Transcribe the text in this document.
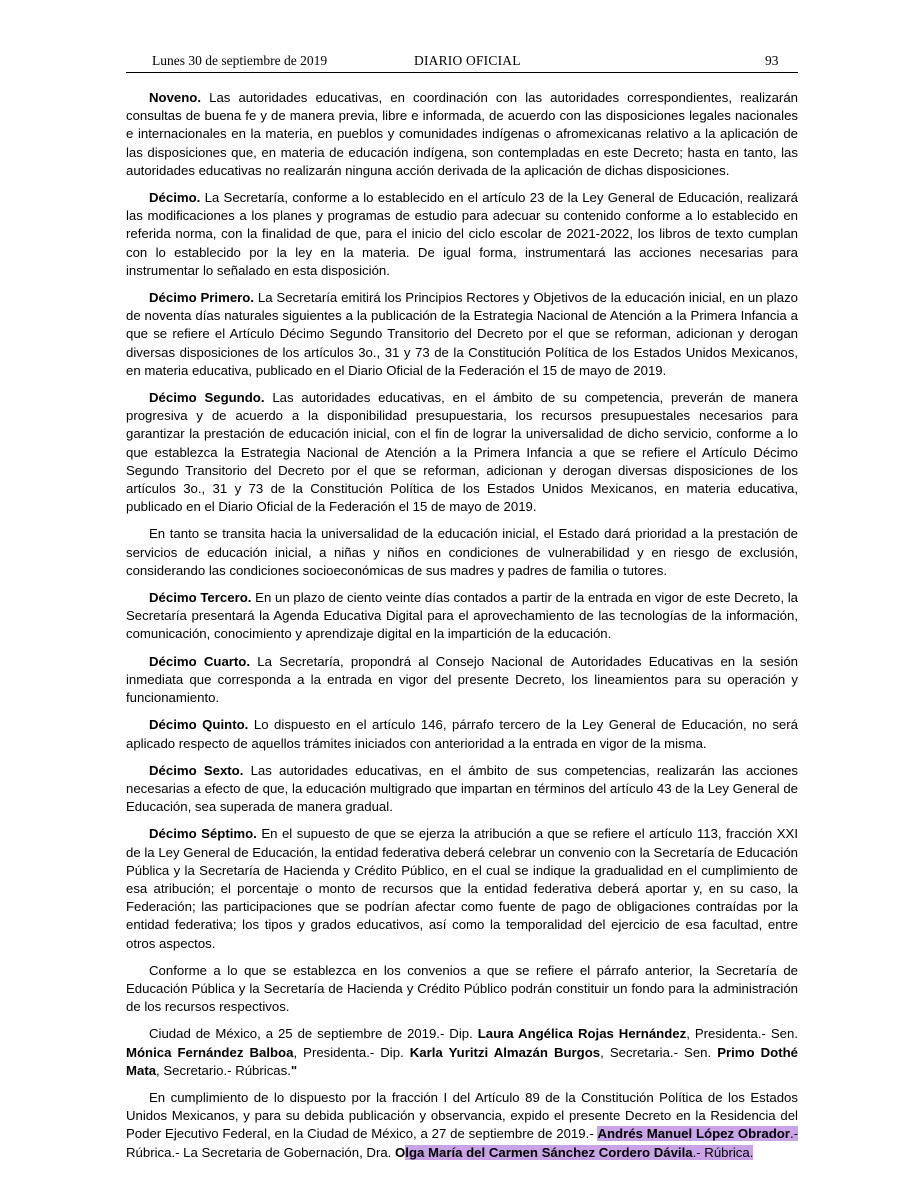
Lunes 30 de septiembre de 2019	DIARIO OFICIAL	93

Noveno. Las autoridades educativas, en coordinación con las autoridades correspondientes, realizarán consultas de buena fe y de manera previa, libre e informada, de acuerdo con las disposiciones legales nacionales e internacionales en la materia, en pueblos y comunidades indígenas o afromexicanas relativo a la aplicación de las disposiciones que, en materia de educación indígena, son contempladas en este Decreto; hasta en tanto, las autoridades educativas no realizarán ninguna acción derivada de la aplicación de dichas disposiciones.

Décimo. La Secretaría, conforme a lo establecido en el artículo 23 de la Ley General de Educación, realizará las modificaciones a los planes y programas de estudio para adecuar su contenido conforme a lo establecido en referida norma, con la finalidad de que, para el inicio del ciclo escolar de 2021-2022, los libros de texto cumplan con lo establecido por la ley en la materia. De igual forma, instrumentará las acciones necesarias para instrumentar lo señalado en esta disposición.

Décimo Primero. La Secretaría emitirá los Principios Rectores y Objetivos de la educación inicial, en un plazo de noventa días naturales siguientes a la publicación de la Estrategia Nacional de Atención a la Primera Infancia a que se refiere el Artículo Décimo Segundo Transitorio del Decreto por el que se reforman, adicionan y derogan diversas disposiciones de los artículos 3o., 31 y 73 de la Constitución Política de los Estados Unidos Mexicanos, en materia educativa, publicado en el Diario Oficial de la Federación el 15 de mayo de 2019.

Décimo Segundo. Las autoridades educativas, en el ámbito de su competencia, preverán de manera progresiva y de acuerdo a la disponibilidad presupuestaria, los recursos presupuestales necesarios para garantizar la prestación de educación inicial, con el fin de lograr la universalidad de dicho servicio, conforme a lo que establezca la Estrategia Nacional de Atención a la Primera Infancia a que se refiere el Artículo Décimo Segundo Transitorio del Decreto por el que se reforman, adicionan y derogan diversas disposiciones de los artículos 3o., 31 y 73 de la Constitución Política de los Estados Unidos Mexicanos, en materia educativa, publicado en el Diario Oficial de la Federación el 15 de mayo de 2019.

En tanto se transita hacia la universalidad de la educación inicial, el Estado dará prioridad a la prestación de servicios de educación inicial, a niñas y niños en condiciones de vulnerabilidad y en riesgo de exclusión, considerando las condiciones socioeconómicas de sus madres y padres de familia o tutores.

Décimo Tercero. En un plazo de ciento veinte días contados a partir de la entrada en vigor de este Decreto, la Secretaría presentará la Agenda Educativa Digital para el aprovechamiento de las tecnologías de la información, comunicación, conocimiento y aprendizaje digital en la impartición de la educación.

Décimo Cuarto. La Secretaría, propondrá al Consejo Nacional de Autoridades Educativas en la sesión inmediata que corresponda a la entrada en vigor del presente Decreto, los lineamientos para su operación y funcionamiento.

Décimo Quinto. Lo dispuesto en el artículo 146, párrafo tercero de la Ley General de Educación, no será aplicado respecto de aquellos trámites iniciados con anterioridad a la entrada en vigor de la misma.

Décimo Sexto. Las autoridades educativas, en el ámbito de sus competencias, realizarán las acciones necesarias a efecto de que, la educación multigrado que impartan en términos del artículo 43 de la Ley General de Educación, sea superada de manera gradual.

Décimo Séptimo. En el supuesto de que se ejerza la atribución a que se refiere el artículo 113, fracción XXI de la Ley General de Educación, la entidad federativa deberá celebrar un convenio con la Secretaría de Educación Pública y la Secretaría de Hacienda y Crédito Público, en el cual se indique la gradualidad en el cumplimiento de esa atribución; el porcentaje o monto de recursos que la entidad federativa deberá aportar y, en su caso, la Federación; las participaciones que se podrían afectar como fuente de pago de obligaciones contraídas por la entidad federativa; los tipos y grados educativos, así como la temporalidad del ejercicio de esa facultad, entre otros aspectos.

Conforme a lo que se establezca en los convenios a que se refiere el párrafo anterior, la Secretaría de Educación Pública y la Secretaría de Hacienda y Crédito Público podrán constituir un fondo para la administración de los recursos respectivos.

Ciudad de México, a 25 de septiembre de 2019.- Dip. Laura Angélica Rojas Hernández, Presidenta.- Sen. Mónica Fernández Balboa, Presidenta.- Dip. Karla Yuritzi Almazán Burgos, Secretaria.- Sen. Primo Dothé Mata, Secretario.- Rúbricas."

En cumplimiento de lo dispuesto por la fracción I del Artículo 89 de la Constitución Política de los Estados Unidos Mexicanos, y para su debida publicación y observancia, expido el presente Decreto en la Residencia del Poder Ejecutivo Federal, en la Ciudad de México, a 27 de septiembre de 2019.- Andrés Manuel López Obrador.- Rúbrica.- La Secretaria de Gobernación, Dra. Olga María del Carmen Sánchez Cordero Dávila.- Rúbrica.
